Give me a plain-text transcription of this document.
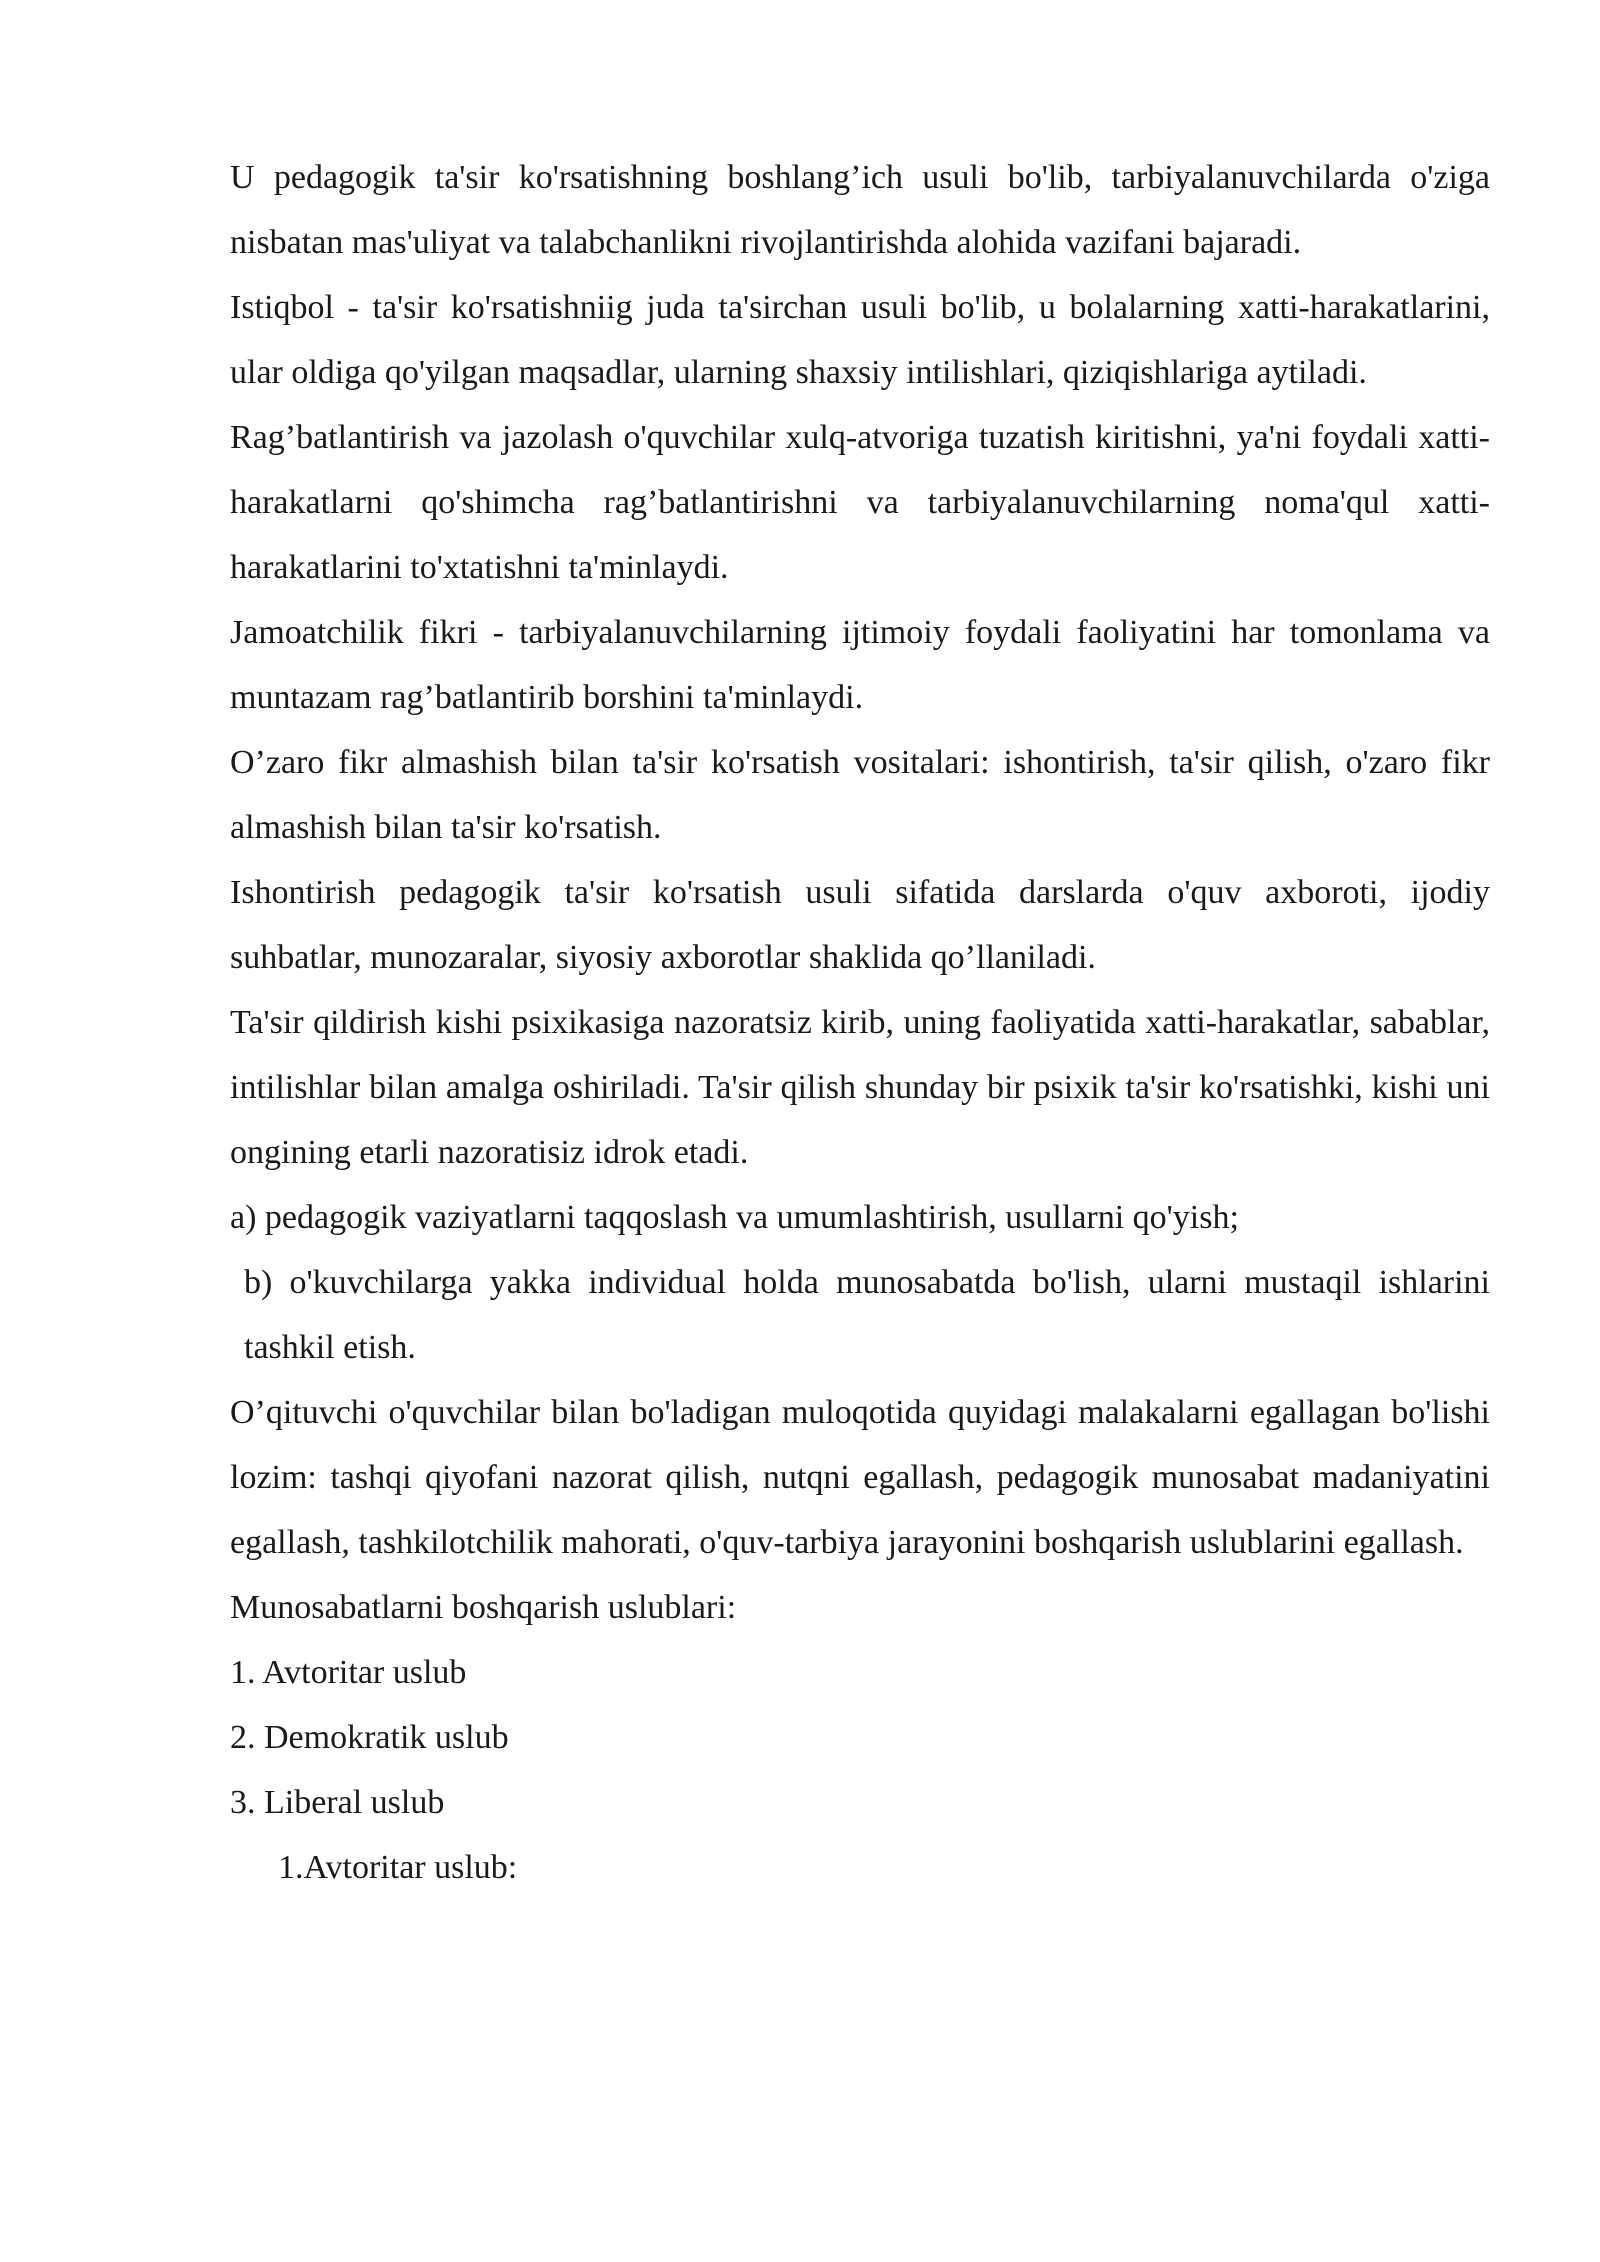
U pedagogik ta'sir ko'rsatishning boshlang’ich usuli bo'lib, tarbiyalanuvchilarda o'ziga nisbatan mas'uliyat va talabchanlikni rivojlantirishda alohida vazifani bajaradi.

Istiqbol - ta'sir ko'rsatishniig juda ta'sirchan usuli bo'lib, u bolalarning xatti-harakatlarini, ular oldiga qo'yilgan maqsadlar, ularning shaxsiy intilishlari, qiziqishlariga aytiladi.

Rag’batlantirish va jazolash o'quvchilar xulq-atvoriga tuzatish kiritishni, ya'ni foydali xatti-harakatlarni qo'shimcha rag’batlantirishni va tarbiyalanuvchilarning noma'qul xatti-harakatlarini to'xtatishni ta'minlaydi.

Jamoatchilik fikri - tarbiyalanuvchilarning ijtimoiy foydali faoliyatini har tomonlama va muntazam rag’batlantirib borshini ta'minlaydi.

O’zaro fikr almashish bilan ta'sir ko'rsatish vositalari: ishontirish, ta'sir qilish, o'zaro fikr almashish bilan ta'sir ko'rsatish.

Ishontirish pedagogik ta'sir ko'rsatish usuli sifatida darslarda o'quv axboroti, ijodiy suhbatlar, munozaralar, siyosiy axborotlar shaklida qo’llaniladi.

Ta'sir qildirish kishi psixikasiga nazoratsiz kirib, uning faoliyatida xatti-harakatlar, sabablar, intilishlar bilan amalga oshiriladi. Ta'sir qilish shunday bir psixik ta'sir ko'rsatishki, kishi uni ongining etarli nazoratisiz idrok etadi.

a) pedagogik vaziyatlarni taqqoslash va umumlashtirish, usullarni qo'yish;

b) o'kuvchilarga yakka individual holda munosabatda bo'lish, ularni mustaqil ishlarini tashkil etish.

O’qituvchi o'quvchilar bilan bo'ladigan muloqotida quyidagi malakalarni egallagan bo'lishi lozim: tashqi qiyofani nazorat qilish, nutqni egallash, pedagogik munosabat madaniyatini egallash, tashkilotchilik mahorati, o'quv-tarbiya jarayonini boshqarish uslublarini egallash.

Munosabatlarni boshqarish uslublari:

1. Avtoritar uslub

2. Demokratik uslub

3. Liberal uslub

1.Avtoritar uslub:
